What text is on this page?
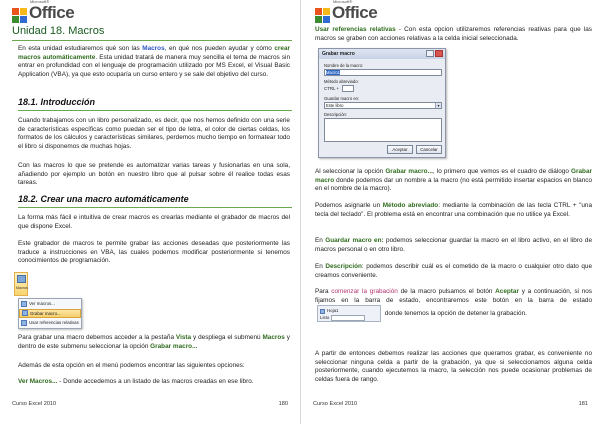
Microsoft®
Office
Unidad 18. Macros
En esta unidad estudiaremos qué son las Macros, en qué nos pueden ayudar y cómo crear macros automáticamente. Esta unidad tratará de manera muy sencilla el tema de macros sin entrar en profundidad con el lenguaje de programación utilizado por MS Excel, el Visual Basic Application (VBA), ya que esto ocuparía un curso entero y se sale del objetivo del curso.
18.1. Introducción
Cuando trabajamos con un libro personalizado, es decir, que nos hemos definido con una serie de características específicas como puedan ser el tipo de letra, el color de ciertas celdas, los formatos de los cálculos y características similares, perdemos mucho tiempo en formatear todo el libro si disponemos de muchas hojas.
Con las macros lo que se pretende es automatizar varias tareas y fusionarlas en una sola, añadiendo por ejemplo un botón en nuestro libro que al pulsar sobre él realice todas esas tareas.
18.2. Crear una macro automáticamente
La forma más fácil e intuitiva de crear macros es crearlas mediante el grabador de macros del que dispone Excel.
Este grabador de macros te permite grabar las acciones deseadas que posteriormente las traduce a instrucciones en VBA, las cuales podemos modificar posteriormente si tenemos conocimientos de programación.
Macros
Ver macros...
Grabar macro...
Usar referencias relativas
Para grabar una macro debemos acceder a la pestaña Vista y despliega el submenú Macros y dentro de este submenu seleccionar la opción Grabar macro...
Además de esta opción en el menú podemos encontrar las siguientes opciones:
Ver Macros... - Donde accedemos a un listado de las macros creadas en ese libro.
Curso Excel 2010	180
Microsoft®
Office
Usar referencias relativas - Con esta opcion utilizaremos referencias reativas para que las macros se graben con acciones relativas a la celda inicial seleccionada.
Grabar macro
Nombre de la macro:
Macro1
Método abreviado:
CTRL +
Guardar macro en:
Este libro	▾
Descripción:
Aceptar	Cancelar
Al seleccionar la opción Grabar macro..., lo primero que vemos es el cuadro de diálogo Grabar macro donde podemos dar un nombre a la macro (no está permitido insertar espacios en blanco en el nombre de la macro).
Podemos asignarle un Método abreviado: mediante la combinación de las tecla CTRL + "una tecla del teclado". El problema está en encontrar una combinación que no utilice ya Excel.
En Guardar macro en: podemos seleccionar guardar la macro en el libro activo, en el libro de macros personal o en otro libro.
En Descripción: podemos describir cuál es el cometido de la macro o cualquier otro dato que creamos conveniente.
Para comenzar la grabación de la macro pulsamos el botón Aceptar y a continuación, si nos fijamos en la barra de estado, encontraremos este botón en la barra de estado
Hoja1
Listo
donde tenemos la opción de detener la grabación.
A partir de entonces debemos realizar las acciones que queramos grabar, es conveniente no seleccionar ninguna celda a partir de la grabación, ya que si seleccionamos alguna celda posteriormente, cuando ejecutemos la macro, la selección nos puede ocasionar problemas de celdas fuera de rango.
Curso Excel 2010	181
